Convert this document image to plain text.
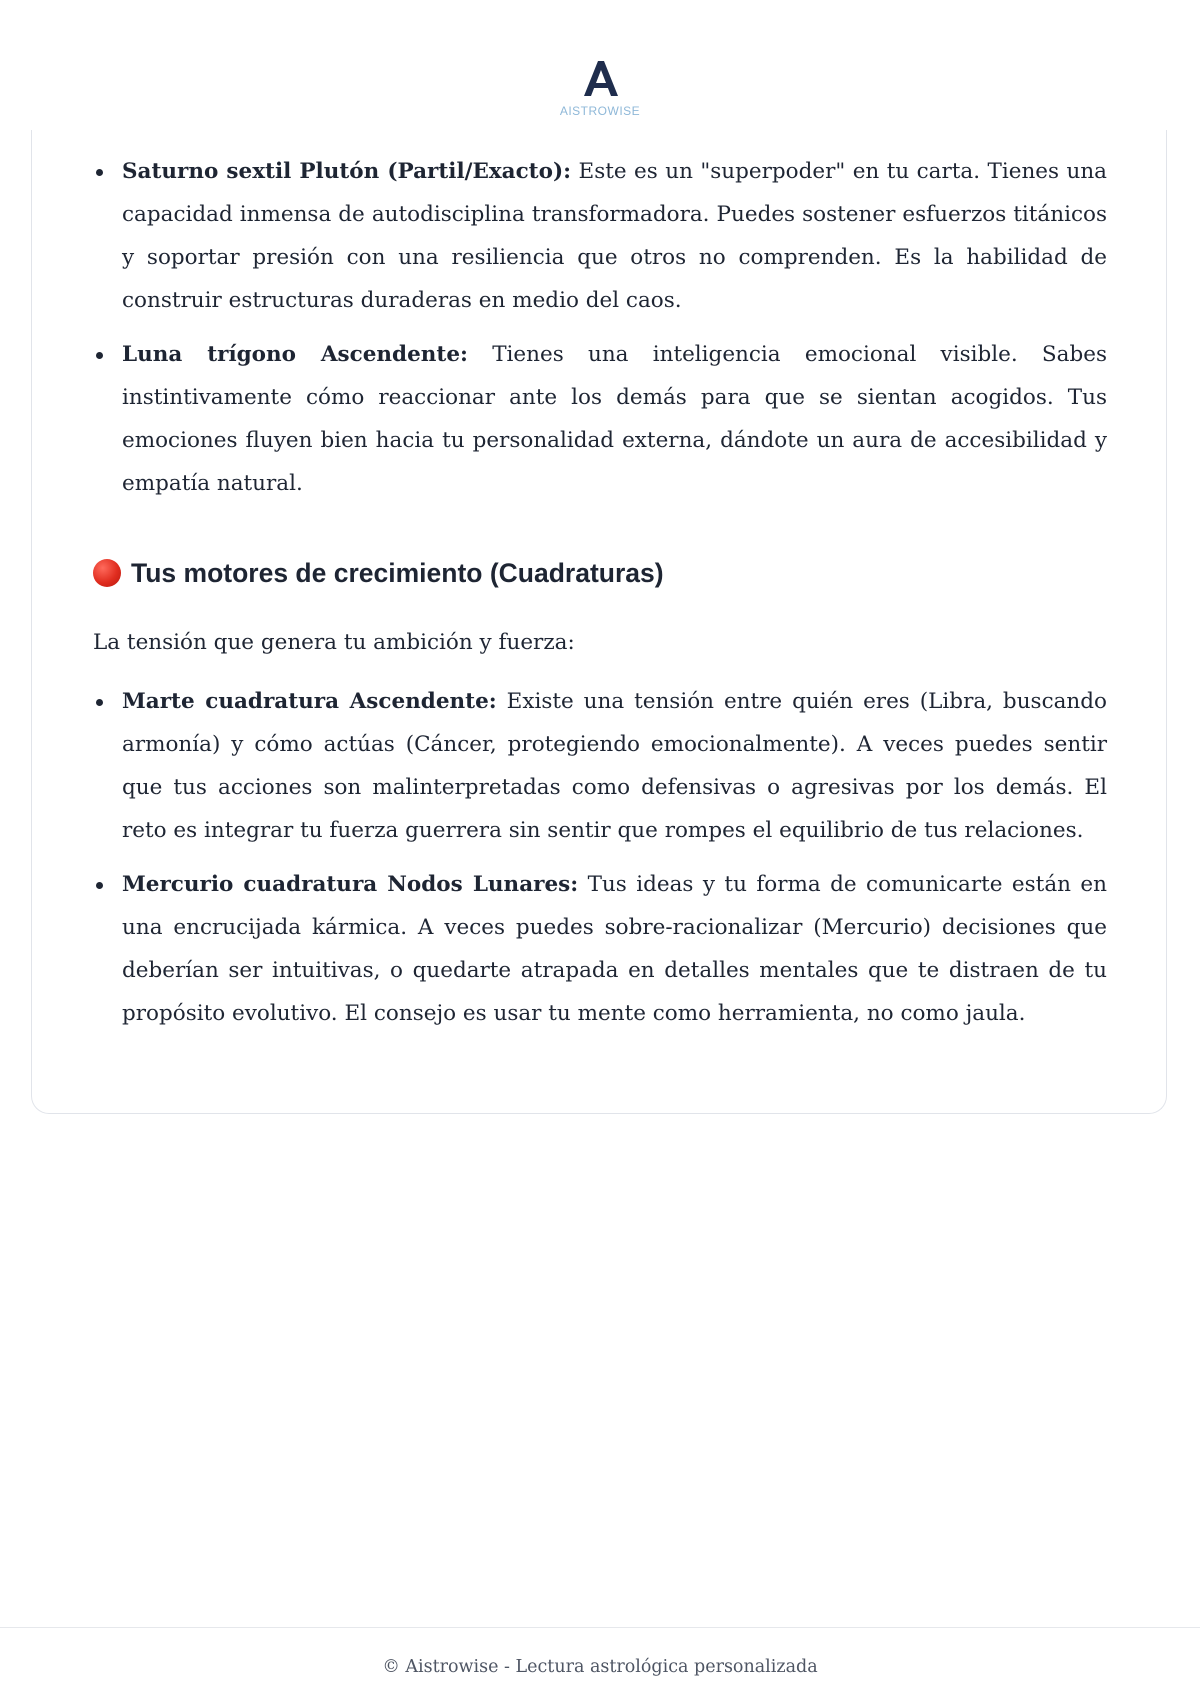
AISTROWISE
Saturno sextil Plutón (Partil/Exacto): Este es un "superpoder" en tu carta. Tienes una capacidad inmensa de autodisciplina transformadora. Puedes sostener esfuerzos titánicos y soportar presión con una resiliencia que otros no comprenden. Es la habilidad de construir estructuras duraderas en medio del caos.
Luna trígono Ascendente: Tienes una inteligencia emocional visible. Sabes instintivamente cómo reaccionar ante los demás para que se sientan acogidos. Tus emociones fluyen bien hacia tu personalidad externa, dándote un aura de accesibilidad y empatía natural.
Tus motores de crecimiento (Cuadraturas)

La tensión que genera tu ambición y fuerza:

Marte cuadratura Ascendente: Existe una tensión entre quién eres (Libra, buscando armonía) y cómo actúas (Cáncer, protegiendo emocionalmente). A veces puedes sentir que tus acciones son malinterpretadas como defensivas o agresivas por los demás. El reto es integrar tu fuerza guerrera sin sentir que rompes el equilibrio de tus relaciones.
Mercurio cuadratura Nodos Lunares: Tus ideas y tu forma de comunicarte están en una encrucijada kármica. A veces puedes sobre-racionalizar (Mercurio) decisiones que deberían ser intuitivas, o quedarte atrapada en detalles mentales que te distraen de tu propósito evolutivo. El consejo es usar tu mente como herramienta, no como jaula.
© Aistrowise - Lectura astrológica personalizada
